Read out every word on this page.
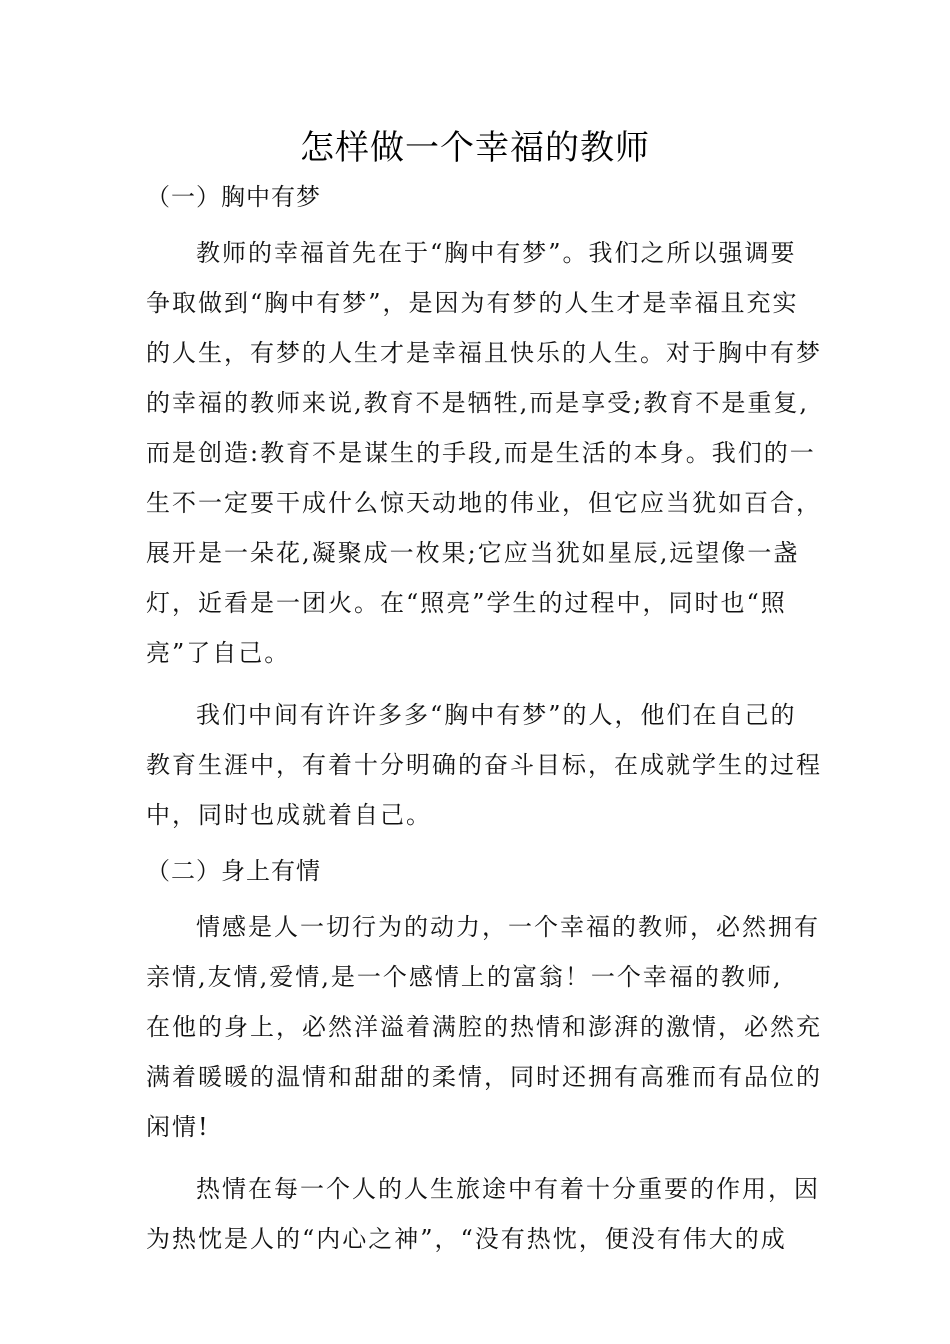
怎样做一个幸福的教师
（一）胸中有梦
教师的幸福首先在于“胸中有梦”。我们之所以强调要
争取做到“胸中有梦”，是因为有梦的人生才是幸福且充实
的人生，有梦的人生才是幸福且快乐的人生。对于胸中有梦
的幸福的教师来说,教育不是牺牲,而是享受;教育不是重复,
而是创造:教育不是谋生的手段,而是生活的本身。我们的一
生不一定要干成什么惊天动地的伟业，但它应当犹如百合，
展开是一朵花,凝聚成一枚果;它应当犹如星辰,远望像一盏
灯，近看是一团火。在“照亮”学生的过程中，同时也“照
亮”了自己。
我们中间有许许多多“胸中有梦”的人，他们在自己的
教育生涯中，有着十分明确的奋斗目标，在成就学生的过程
中，同时也成就着自己。
（二）身上有情
情感是人一切行为的动力，一个幸福的教师，必然拥有
亲情,友情,爱情,是一个感情上的富翁！一个幸福的教师,
在他的身上，必然洋溢着满腔的热情和澎湃的激情，必然充
满着暖暖的温情和甜甜的柔情，同时还拥有高雅而有品位的
闲情!
热情在每一个人的人生旅途中有着十分重要的作用，因
为热忱是人的“内心之神”，“没有热忱，便没有伟大的成
